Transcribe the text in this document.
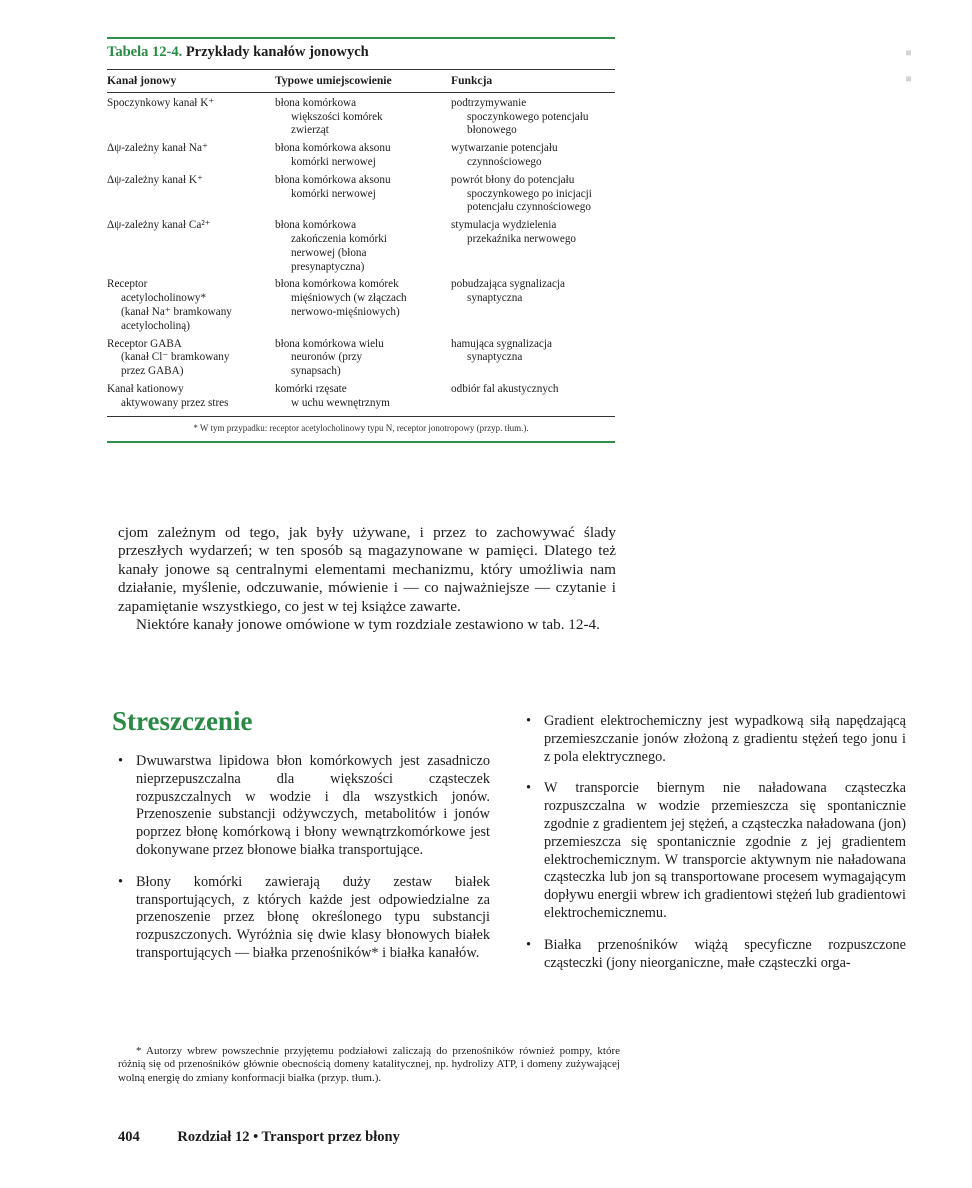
▪
▪
Tabela 12-4. Przykłady kanałów jonowych
Kanał jonowy	Typowe umiejscowienie	Funkcja

Spoczynkowy kanał K⁺	błona komórkowa
większości komórek
zwierząt	podtrzymywanie
spoczynkowego potencjału
błonowego

Δψ-zależny kanał Na⁺	błona komórkowa aksonu
komórki nerwowej	wytwarzanie potencjału
czynnościowego

Δψ-zależny kanał K⁺	błona komórkowa aksonu
komórki nerwowej	powrót błony do potencjału
spoczynkowego po inicjacji
potencjału czynnościowego

Δψ-zależny kanał Ca²⁺	błona komórkowa
zakończenia komórki
nerwowej (błona
presynaptyczna)	stymulacja wydzielenia
przekaźnika nerwowego

Receptor
acetylocholinowy*
(kanał Na⁺ bramkowany
acetylocholiną)	błona komórkowa komórek
mięśniowych (w złączach
nerwowo-mięśniowych)	pobudzająca sygnalizacja
synaptyczna

Receptor GABA
(kanał Cl⁻ bramkowany
przez GABA)	błona komórkowa wielu
neuronów (przy
synapsach)	hamująca sygnalizacja
synaptyczna

Kanał kationowy
aktywowany przez stres	komórki rzęsate
w uchu wewnętrznym	odbiór fal akustycznych
* W tym przypadku: receptor acetylocholinowy typu N, receptor jonotropowy (przyp. tłum.).

cjom zależnym od tego, jak były używane, i przez to zachowywać ślady przeszłych wydarzeń; w ten sposób są magazynowane w pamięci. Dlatego też kanały jonowe są centralnymi elementami mechanizmu, który umożliwia nam działanie, myślenie, odczuwanie, mówienie i — co najważniejsze — czytanie i zapamiętanie wszystkiego, co jest w tej książce zawarte.

Niektóre kanały jonowe omówione w tym rozdziale zestawiono w tab. 12-4.

Streszczenie
• Dwuwarstwa lipidowa błon komórkowych jest zasadniczo nieprzepuszczalna dla większości cząsteczek rozpuszczalnych w wodzie i dla wszystkich jonów. Przenoszenie substancji odżywczych, metabolitów i jonów poprzez błonę komórkową i błony wewnątrzkomórkowe jest dokonywane przez błonowe białka transportujące.
• Błony komórki zawierają duży zestaw białek transportujących, z których każde jest odpowiedzialne za przenoszenie przez błonę określonego typu substancji rozpuszczonych. Wyróżnia się dwie klasy błonowych białek transportujących — białka przenośników* i białka kanałów.
• Gradient elektrochemiczny jest wypadkową siłą napędzającą przemieszczanie jonów złożoną z gradientu stężeń tego jonu i z pola elektrycznego.
• W transporcie biernym nie naładowana cząsteczka rozpuszczalna w wodzie przemieszcza się spontanicznie zgodnie z gradientem jej stężeń, a cząsteczka naładowana (jon) przemieszcza się spontanicznie zgodnie z jej gradientem elektrochemicznym. W transporcie aktywnym nie naładowana cząsteczka lub jon są transportowane procesem wymagającym dopływu energii wbrew ich gradientowi stężeń lub gradientowi elektrochemicznemu.
• Białka przenośników wiążą specyficzne rozpuszczone cząsteczki (jony nieorganiczne, małe cząsteczki orga-

* Autorzy wbrew powszechnie przyjętemu podziałowi zaliczają do przenośników również pompy, które różnią się od przenośników głównie obecnością domeny katalitycznej, np. hydrolizy ATP, i domeny zużywającej wolną energię do zmiany konformacji białka (przyp. tłum.).

404	Rozdział 12 • Transport przez błony
